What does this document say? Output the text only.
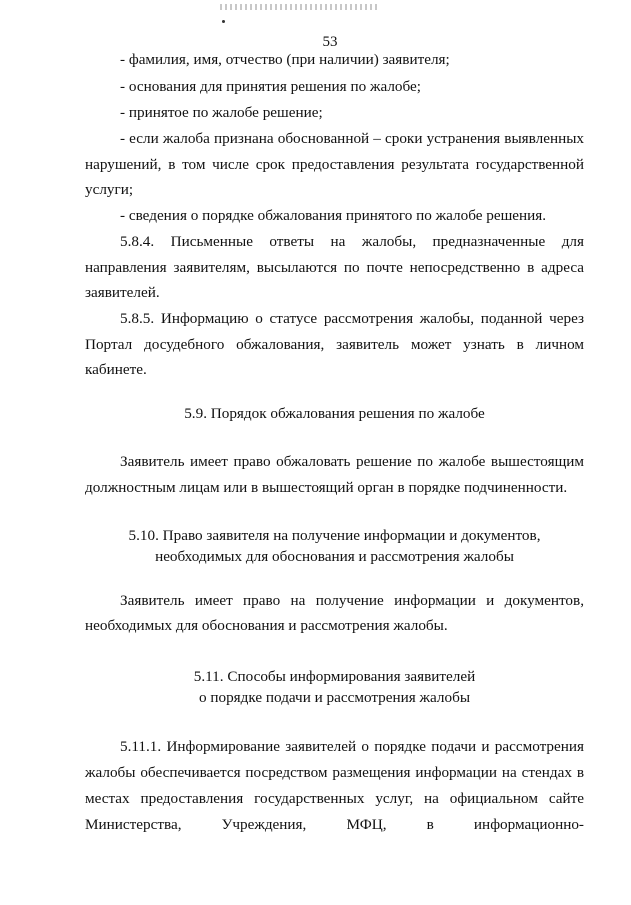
53
- фамилия, имя, отчество (при наличии) заявителя;
- основания для принятия решения по жалобе;
- принятое по жалобе решение;
- если жалоба признана обоснованной – сроки устранения выявленных
нарушений, в том числе срок предоставления результата государственной
услуги;
- сведения о порядке обжалования принятого по жалобе решения.
5.8.4. Письменные ответы на жалобы, предназначенные для
направления заявителям, высылаются по почте непосредственно в адреса
заявителей.
5.8.5. Информацию о статусе рассмотрения жалобы, поданной через
Портал досудебного обжалования, заявитель может узнать в личном
кабинете.
5.9. Порядок обжалования решения по жалобе
Заявитель имеет право обжаловать решение по жалобе вышестоящим
должностным лицам или в вышестоящий орган в порядке подчиненности.
5.10. Право заявителя на получение информации и документов,
необходимых для обоснования и рассмотрения жалобы
Заявитель имеет право на получение информации и документов,
необходимых для обоснования и рассмотрения жалобы.
5.11. Способы информирования заявителей
о порядке подачи и рассмотрения жалобы
5.11.1. Информирование заявителей о порядке подачи и рассмотрения
жалобы обеспечивается посредством размещения информации на стендах в
местах предоставления государственных услуг, на официальном сайте
Министерства, Учреждения, МФЦ, в информационно-
